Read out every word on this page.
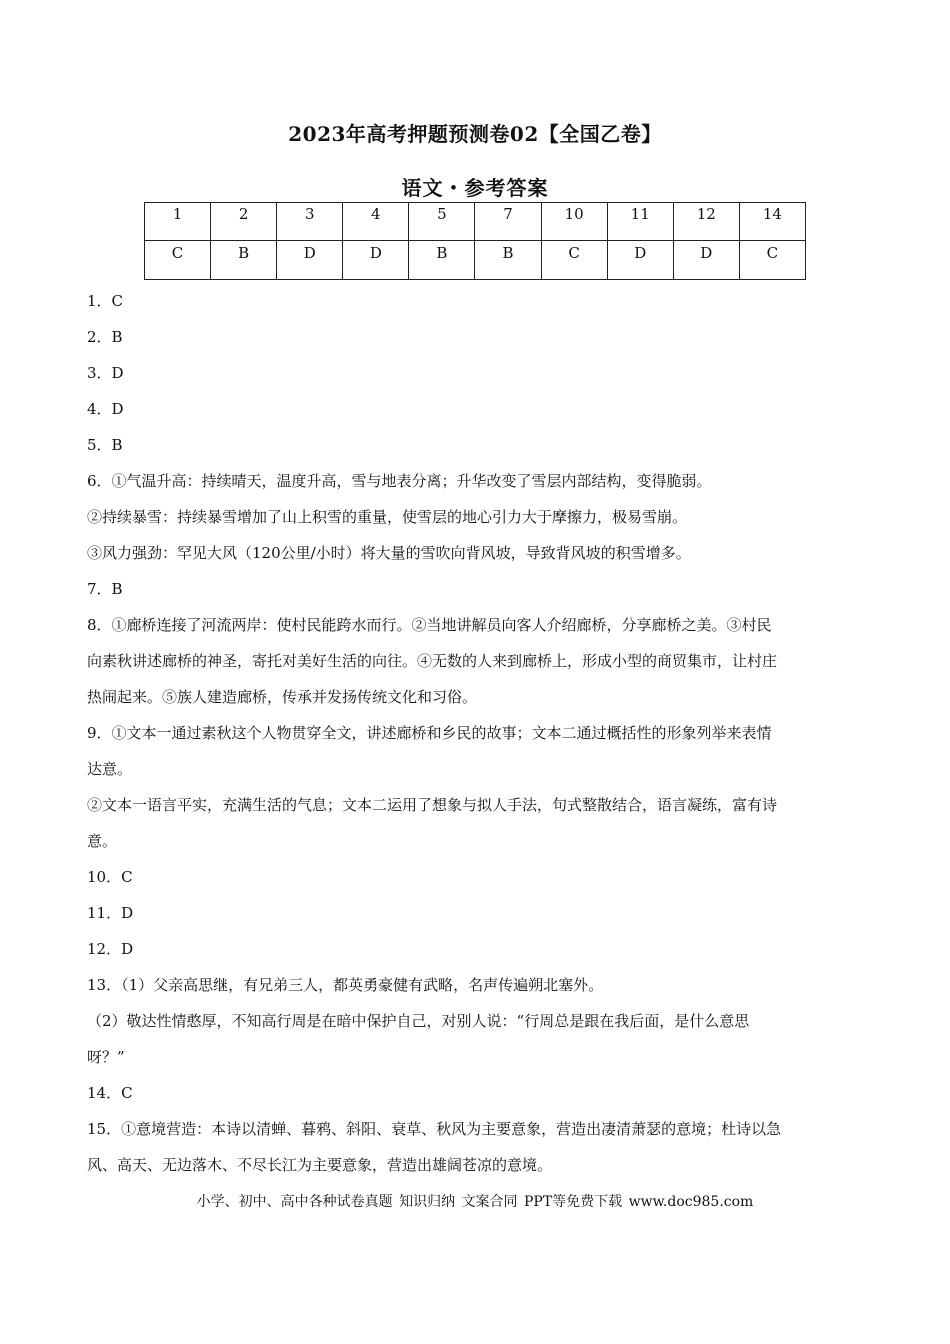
2023年高考押题预测卷02【全国乙卷】
语文・参考答案
1	2	3	4	5	7	10	11	12	14
C	B	D	D	B	B	C	D	D	C

1．C

2．B

3．D

4．D

5．B

6．①气温升高：持续晴天，温度升高，雪与地表分离；升华改变了雪层内部结构，变得脆弱。

②持续暴雪：持续暴雪增加了山上积雪的重量，使雪层的地心引力大于摩擦力，极易雪崩。

③风力强劲：罕见大风（120公里/小时）将大量的雪吹向背风坡，导致背风坡的积雪增多。

7．B

8．①廊桥连接了河流两岸：使村民能跨水而行。②当地讲解员向客人介绍廊桥，分享廊桥之美。③村民

向素秋讲述廊桥的神圣，寄托对美好生活的向往。④无数的人来到廊桥上，形成小型的商贸集市，让村庄

热闹起来。⑤族人建造廊桥，传承并发扬传统文化和习俗。

9．①文本一通过素秋这个人物贯穿全文，讲述廊桥和乡民的故事；文本二通过概括性的形象列举来表情

达意。

②文本一语言平实，充满生活的气息；文本二运用了想象与拟人手法，句式整散结合，语言凝练，富有诗

意。

10．C

11．D

12．D

13．（1）父亲高思继，有兄弟三人，都英勇豪健有武略，名声传遍朔北塞外。

（2）敬达性情憨厚，不知高行周是在暗中保护自己，对别人说：“行周总是跟在我后面，是什么意思

呀？”

14．C

15．①意境营造：本诗以清蝉、暮鸦、斜阳、衰草、秋风为主要意象，营造出凄清萧瑟的意境；杜诗以急

风、高天、无边落木、不尽长江为主要意象，营造出雄阔苍凉的意境。

小学、初中、高中各种试卷真题 知识归纳 文案合同 PPT等免费下载 www.doc985.com
